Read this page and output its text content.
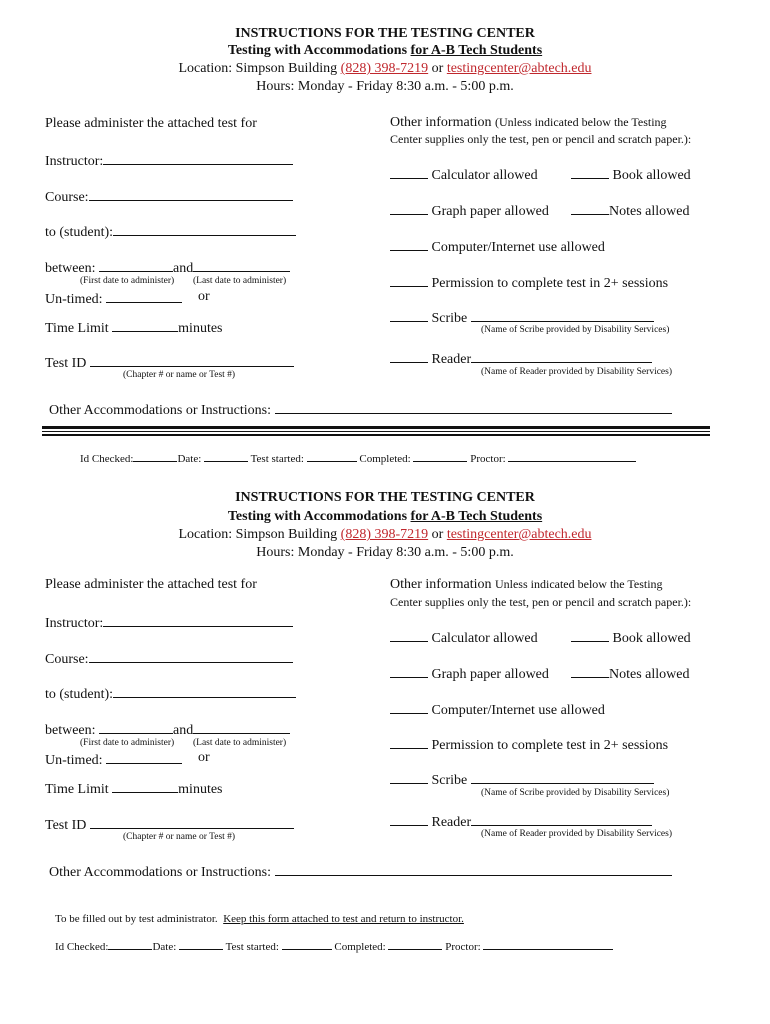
INSTRUCTIONS FOR THE TESTING CENTER
Testing with Accommodations for A-B Tech Students
Location: Simpson Building (828) 398-7219 or testingcenter@abtech.edu
Hours: Monday - Friday 8:30 a.m. - 5:00 p.m.
Please administer the attached test for
Instructor:
Course:
to (student):
between:	and
(First date to administer) (Last date to administer)
Un-timed:	or
Time Limit	minutes
Test ID
(Chapter # or name or Test #)
Other information (Unless indicated below the Testing
Center supplies only the test, pen or pencil and scratch paper.):
Calculator allowed	Book allowed
Graph paper allowed	Notes allowed
Computer/Internet use allowed
Permission to complete test in 2+ sessions
Scribe
(Name of Scribe provided by Disability Services)
Reader
(Name of Reader provided by Disability Services)
Other Accommodations or Instructions:
Id Checked:	Date:	Test started:	Completed:	Proctor:
INSTRUCTIONS FOR THE TESTING CENTER
Testing with Accommodations for A-B Tech Students
Location: Simpson Building (828) 398-7219 or testingcenter@abtech.edu
Hours: Monday - Friday 8:30 a.m. - 5:00 p.m.
Please administer the attached test for
Instructor:
Course:
to (student):
between:	and
(First date to administer) (Last date to administer)
Un-timed:	or
Time Limit	minutes
Test ID
(Chapter # or name or Test #)
Other information Unless indicated below the Testing
Center supplies only the test, pen or pencil and scratch paper.):
Calculator allowed	Book allowed
Graph paper allowed	Notes allowed
Computer/Internet use allowed
Permission to complete test in 2+ sessions
Scribe
(Name of Scribe provided by Disability Services)
Reader
(Name of Reader provided by Disability Services)
Other Accommodations or Instructions:
To be filled out by test administrator. Keep this form attached to test and return to instructor.
Id Checked:	Date:	Test started:	Completed:	Proctor:
